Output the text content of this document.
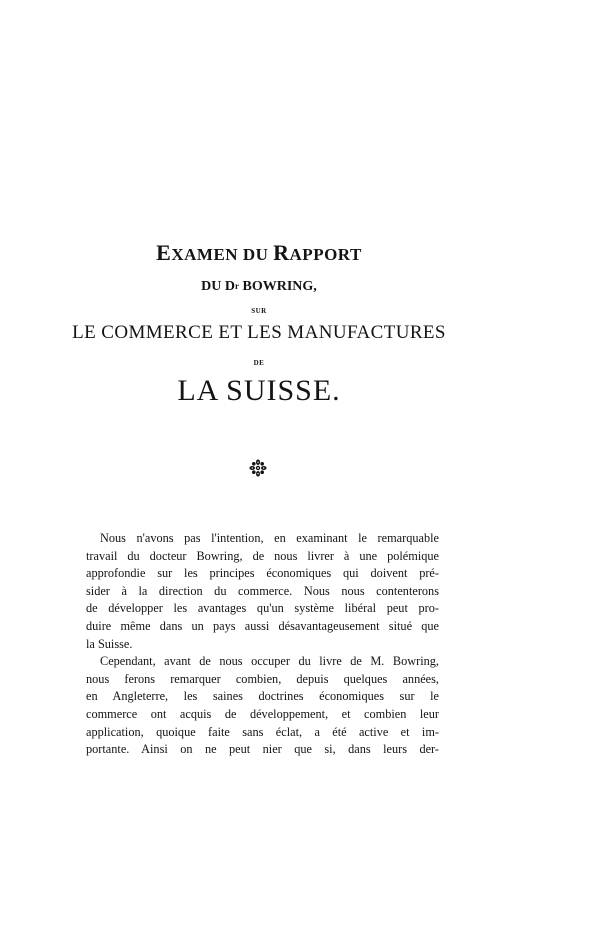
EXAMEN DU RAPPORT
DU $D^r$ BOWRING,
SUR
LE COMMERCE ET LES MANUFACTURES
DE
LA SUISSE.
Nous n'avons pas l'intention, en examinant le remarquable
travail du docteur Bowring, de nous livrer à une polémique
approfondie sur les principes économiques qui doivent pré-
sider à la direction du commerce. Nous nous contenterons
de développer les avantages qu'un système libéral peut pro-
duire même dans un pays aussi désavantageusement situé que
la Suisse.
Cependant, avant de nous occuper du livre de M. Bowring,
nous ferons remarquer combien, depuis quelques années,
en Angleterre, les saines doctrines économiques sur le
commerce ont acquis de développement, et combien leur
application, quoique faite sans éclat, a été active et im-
portante. Ainsi on ne peut nier que si, dans leurs der-
